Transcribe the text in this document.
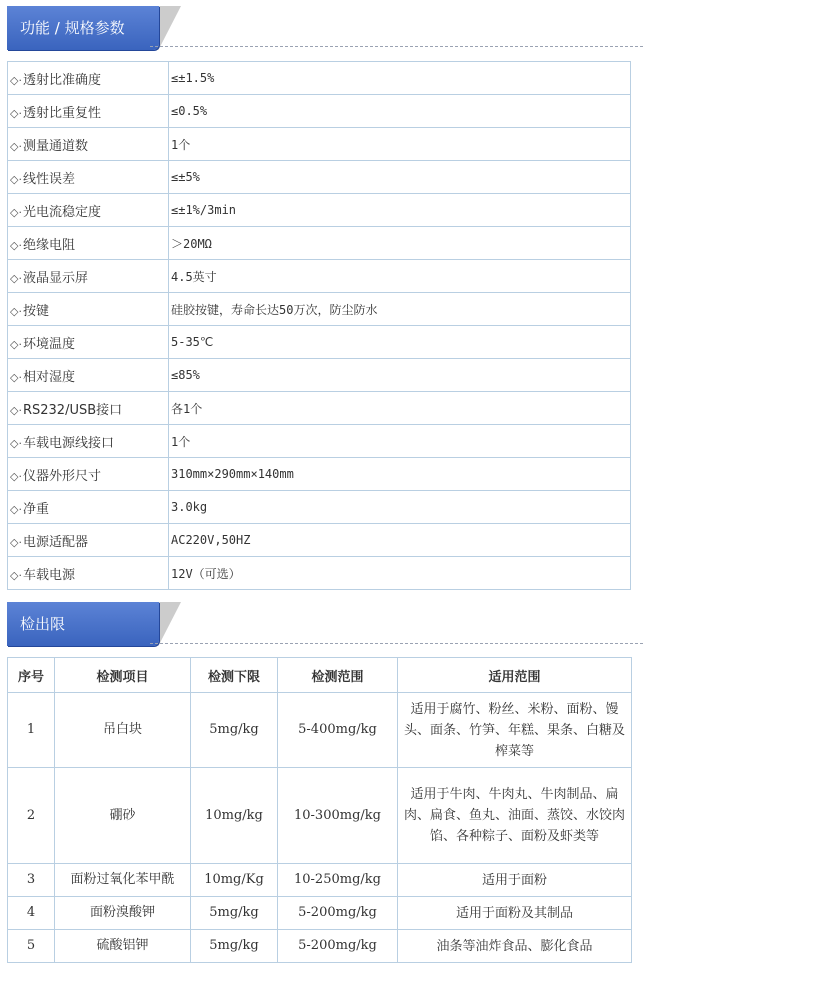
功能 / 规格参数
◇·透射比准确度	≤±1.5%
◇·透射比重复性	≤0.5%
◇·测量通道数	1个
◇·线性误差	≤±5%
◇·光电流稳定度	≤±1%/3min
◇·绝缘电阻	＞20MΩ
◇·液晶显示屏	4.5英寸
◇·按键	硅胶按键，寿命长达50万次，防尘防水
◇·环境温度	5-35℃
◇·相对湿度	≤85%
◇·RS232/USB接口	各1个
◇·车载电源线接口	1个
◇·仪器外形尺寸	310mm×290mm×140mm
◇·净重	3.0kg
◇·电源适配器	AC220V,50HZ
◇·车载电源	12V（可选）
检出限
序号	检测项目	检测下限	检测范围	适用范围
1	吊白块	5mg/kg	5-400mg/kg	适用于腐竹、粉丝、米粉、面粉、馒头、面条、竹笋、年糕、果条、白糖及榨菜等
2	硼砂	10mg/kg	10-300mg/kg	适用于牛肉、牛肉丸、牛肉制品、扁肉、扁食、鱼丸、油面、蒸饺、水饺肉馅、各种粽子、面粉及虾类等
3	面粉过氧化苯甲酰	10mg/Kg	10-250mg/kg	适用于面粉
4	面粉溴酸钾	5mg/kg	5-200mg/kg	适用于面粉及其制品
5	硫酸铝钾	5mg/kg	5-200mg/kg	油条等油炸食品、膨化食品
